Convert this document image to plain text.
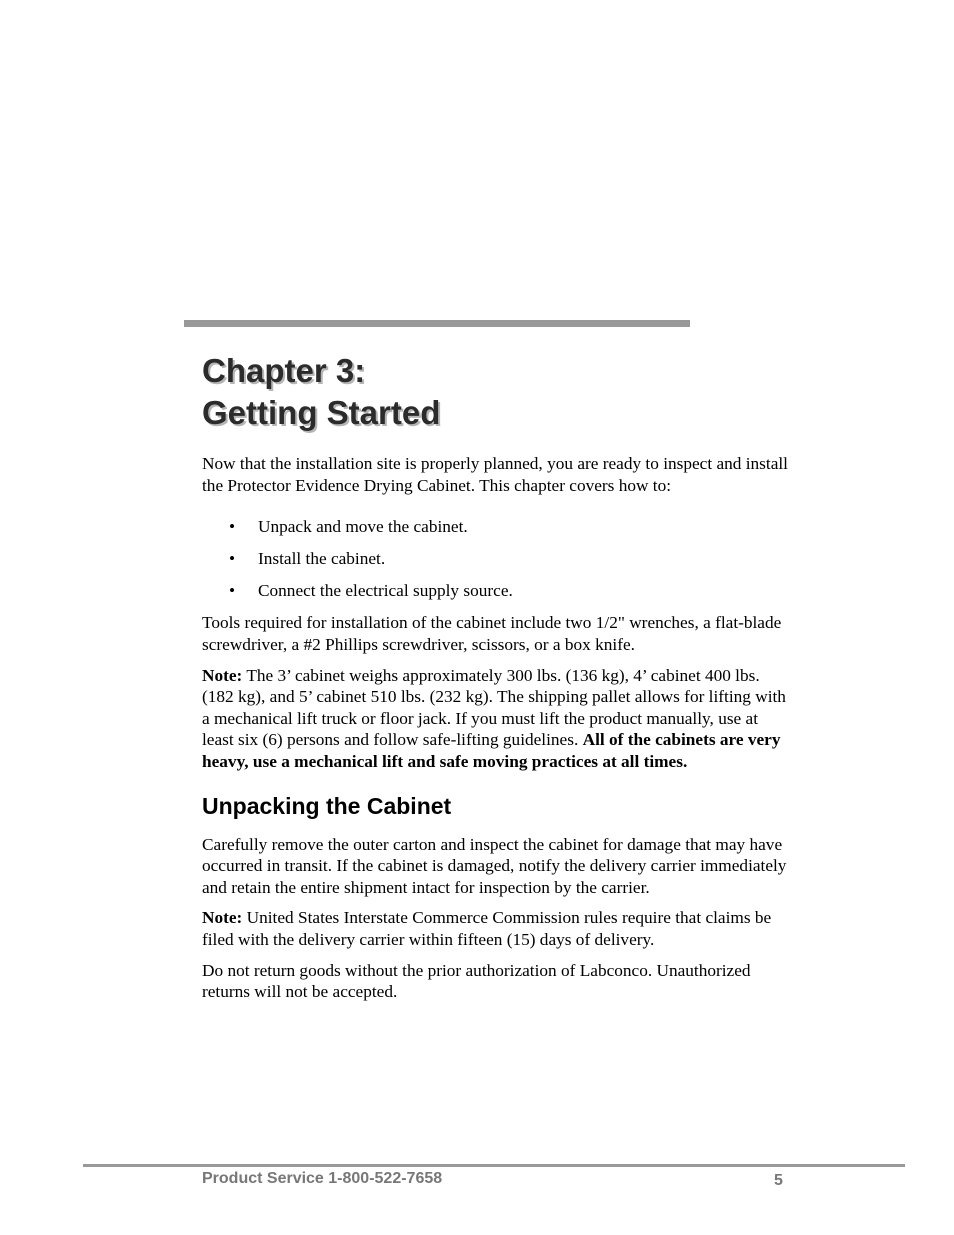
Chapter 3:
Getting Started

Now that the installation site is properly planned, you are ready to inspect and install the Protector Evidence Drying Cabinet. This chapter covers how to:

• Unpack and move the cabinet.
• Install the cabinet.
• Connect the electrical supply source.

Tools required for installation of the cabinet include two 1/2" wrenches, a flat-blade screwdriver, a #2 Phillips screwdriver, scissors, or a box knife.

Note: The 3’ cabinet weighs approximately 300 lbs. (136 kg), 4’ cabinet 400 lbs. (182 kg), and 5’ cabinet 510 lbs. (232 kg). The shipping pallet allows for lifting with a mechanical lift truck or floor jack. If you must lift the product manually, use at least six (6) persons and follow safe-lifting guidelines. All of the cabinets are very heavy, use a mechanical lift and safe moving practices at all times.

Unpacking the Cabinet

Carefully remove the outer carton and inspect the cabinet for damage that may have occurred in transit. If the cabinet is damaged, notify the delivery carrier immediately and retain the entire shipment intact for inspection by the carrier.

Note: United States Interstate Commerce Commission rules require that claims be filed with the delivery carrier within fifteen (15) days of delivery.

Do not return goods without the prior authorization of Labconco. Unauthorized returns will not be accepted.

Product Service 1-800-522-7658	5
